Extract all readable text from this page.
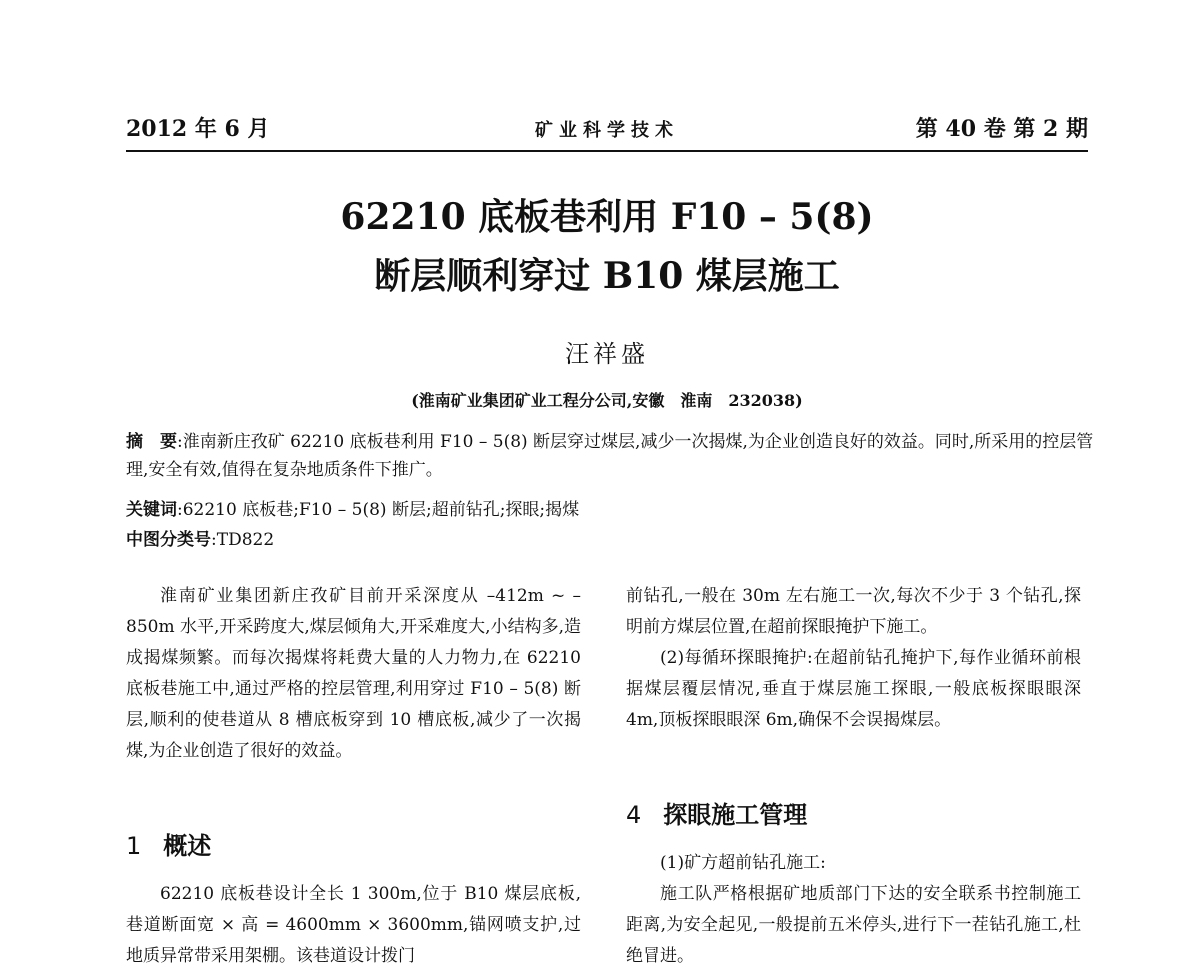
2012 年 6 月	矿业科学技术	第 40 卷 第 2 期
62210 底板巷利用 F10 – 5(8)
断层顺利穿过 B10 煤层施工
汪祥盛
(淮南矿业集团矿业工程分公司,安徽　淮南　232038)
摘　要:淮南新庄孜矿 62210 底板巷利用 F10 – 5(8) 断层穿过煤层,减少一次揭煤,为企业创造良好的效益。同时,所采用的控层管理,安全有效,值得在复杂地质条件下推广。
关键词:62210 底板巷;F10 – 5(8) 断层;超前钻孔;探眼;揭煤
中图分类号:TD822

淮南矿业集团新庄孜矿目前开采深度从 –412m ~ –850m 水平,开采跨度大,煤层倾角大,开采难度大,小结构多,造成揭煤频繁。而每次揭煤将耗费大量的人力物力,在 62210 底板巷施工中,通过严格的控层管理,利用穿过 F10 – 5(8) 断层,顺利的使巷道从 8 槽底板穿到 10 槽底板,减少了一次揭煤,为企业创造了很好的效益。

1 概述

62210 底板巷设计全长 1 300m,位于 B10 煤层底板,巷道断面宽 × 高 = 4600mm × 3600mm,锚网喷支护,过地质异常带采用架棚。该巷道设计拨门

前钻孔,一般在 30m 左右施工一次,每次不少于 3 个钻孔,探明前方煤层位置,在超前探眼掩护下施工。

(2)每循环探眼掩护:在超前钻孔掩护下,每作业循环前根据煤层覆层情况,垂直于煤层施工探眼,一般底板探眼眼深 4m,顶板探眼眼深 6m,确保不会误揭煤层。

4 探眼施工管理

(1)矿方超前钻孔施工:

施工队严格根据矿地质部门下达的安全联系书控制施工距离,为安全起见,一般提前五米停头,进行下一茬钻孔施工,杜绝冒进。
